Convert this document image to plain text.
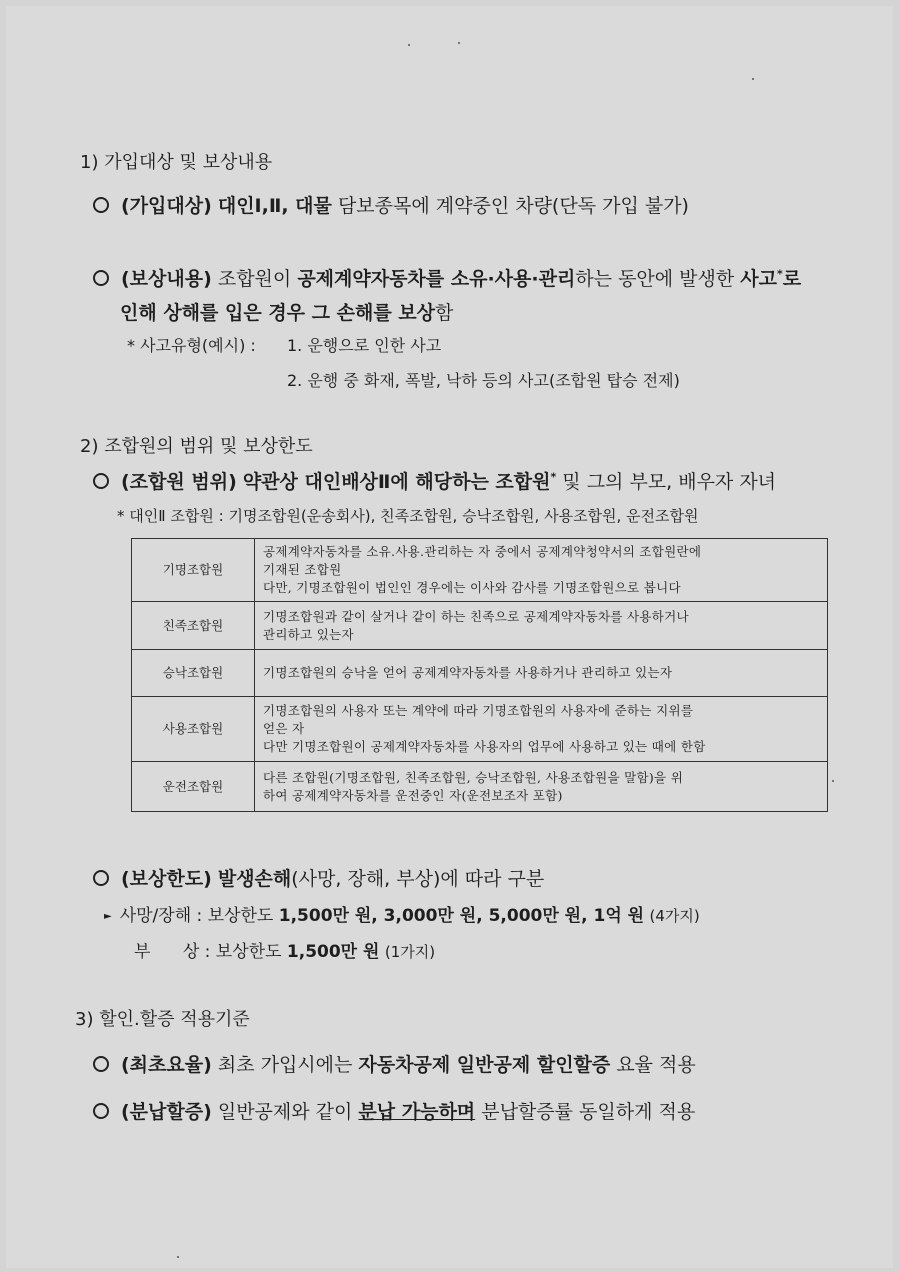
1) 가입대상 및 보상내용
(가입대상) 대인Ⅰ,Ⅱ, 대물 담보종목에 계약중인 차량(단독 가입 불가)
(보상내용) 조합원이 공제계약자동차를 소유·사용·관리하는 동안에 발생한 사고*로
인해 상해를 입은 경우 그 손해를 보상함
* 사고유형(예시) : 1. 운행으로 인한 사고
2. 운행 중 화재, 폭발, 낙하 등의 사고(조합원 탑승 전제)
2) 조합원의 범위 및 보상한도
(조합원 범위) 약관상 대인배상Ⅱ에 해당하는 조합원* 및 그의 부모, 배우자 자녀
* 대인Ⅱ 조합원 : 기명조합원(운송회사), 친족조합원, 승낙조합원, 사용조합원, 운전조합원
기명조합원	공제계약자동차를 소유.사용.관리하는 자 중에서 공제계약청약서의 조합원란에
기재된 조합원
다만, 기명조합원이 법인인 경우에는 이사와 감사를 기명조합원으로 봅니다

친족조합원	기명조합원과 같이 살거나 같이 하는 친족으로 공제계약자동차를 사용하거나
관리하고 있는자

승낙조합원	기명조합원의 승낙을 얻어 공제계약자동차를 사용하거나 관리하고 있는자

사용조합원	기명조합원의 사용자 또는 계약에 따라 기명조합원의 사용자에 준하는 지위를
얻은 자
다만 기명조합원이 공제계약자동차를 사용자의 업무에 사용하고 있는 때에 한함

운전조합원	다른 조합원(기명조합원, 친족조합원, 승낙조합원, 사용조합원을 말함)을 위
하여 공제계약자동차를 운전중인 자(운전보조자 포함)
(보상한도) 발생손해(사망, 장해, 부상)에 따라 구분
► 사망/장해 : 보상한도 1,500만 원, 3,000만 원, 5,000만 원, 1억 원 (4가지)
부      상 : 보상한도 1,500만 원 (1가지)
3) 할인.할증 적용기준
(최초요율) 최초 가입시에는 자동차공제 일반공제 할인할증 요율 적용
(분납할증) 일반공제와 같이 분납 가능하며 분납할증률 동일하게 적용
